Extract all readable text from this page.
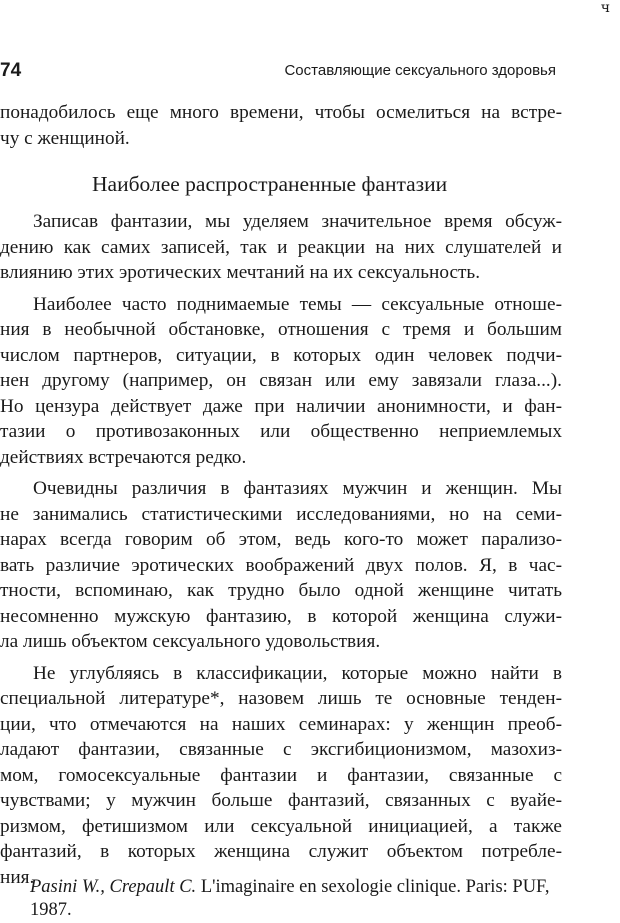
ч
74	Составляющие сексуального здоровья
понадобилось еще много времени, чтобы осмелиться на встре-
чу с женщиной.
Наиболее распространенные фантазии
Записав фантазии, мы уделяем значительное время обсуж-
дению как самих записей, так и реакции на них слушателей и
влиянию этих эротических мечтаний на их сексуальность.
Наиболее часто поднимаемые темы — сексуальные отноше-
ния в необычной обстановке, отношения с тремя и большим
числом партнеров, ситуации, в которых один человек подчи-
нен другому (например, он связан или ему завязали глаза...).
Но цензура действует даже при наличии анонимности, и фан-
тазии о противозаконных или общественно неприемлемых
действиях встречаются редко.
Очевидны различия в фантазиях мужчин и женщин. Мы
не занимались статистическими исследованиями, но на семи-
нарах всегда говорим об этом, ведь кого-то может парализо-
вать различие эротических воображений двух полов. Я, в час-
тности, вспоминаю, как трудно было одной женщине читать
несомненно мужскую фантазию, в которой женщина служи-
ла лишь объектом сексуального удовольствия.
Не углубляясь в классификации, которые можно найти в
специальной литературе*, назовем лишь те основные тенден-
ции, что отмечаются на наших семинарах: у женщин преоб-
ладают фантазии, связанные с эксгибиционизмом, мазохиз-
мом, гомосексуальные фантазии и фантазии, связанные с
чувствами; у мужчин больше фантазий, связанных с вуайе-
ризмом, фетишизмом или сексуальной инициацией, а также
фантазий, в которых женщина служит объектом потребле-
ния.
Pasini W., Crepault C. L'imaginaire en sexologie clinique. Paris: PUF, 1987.
